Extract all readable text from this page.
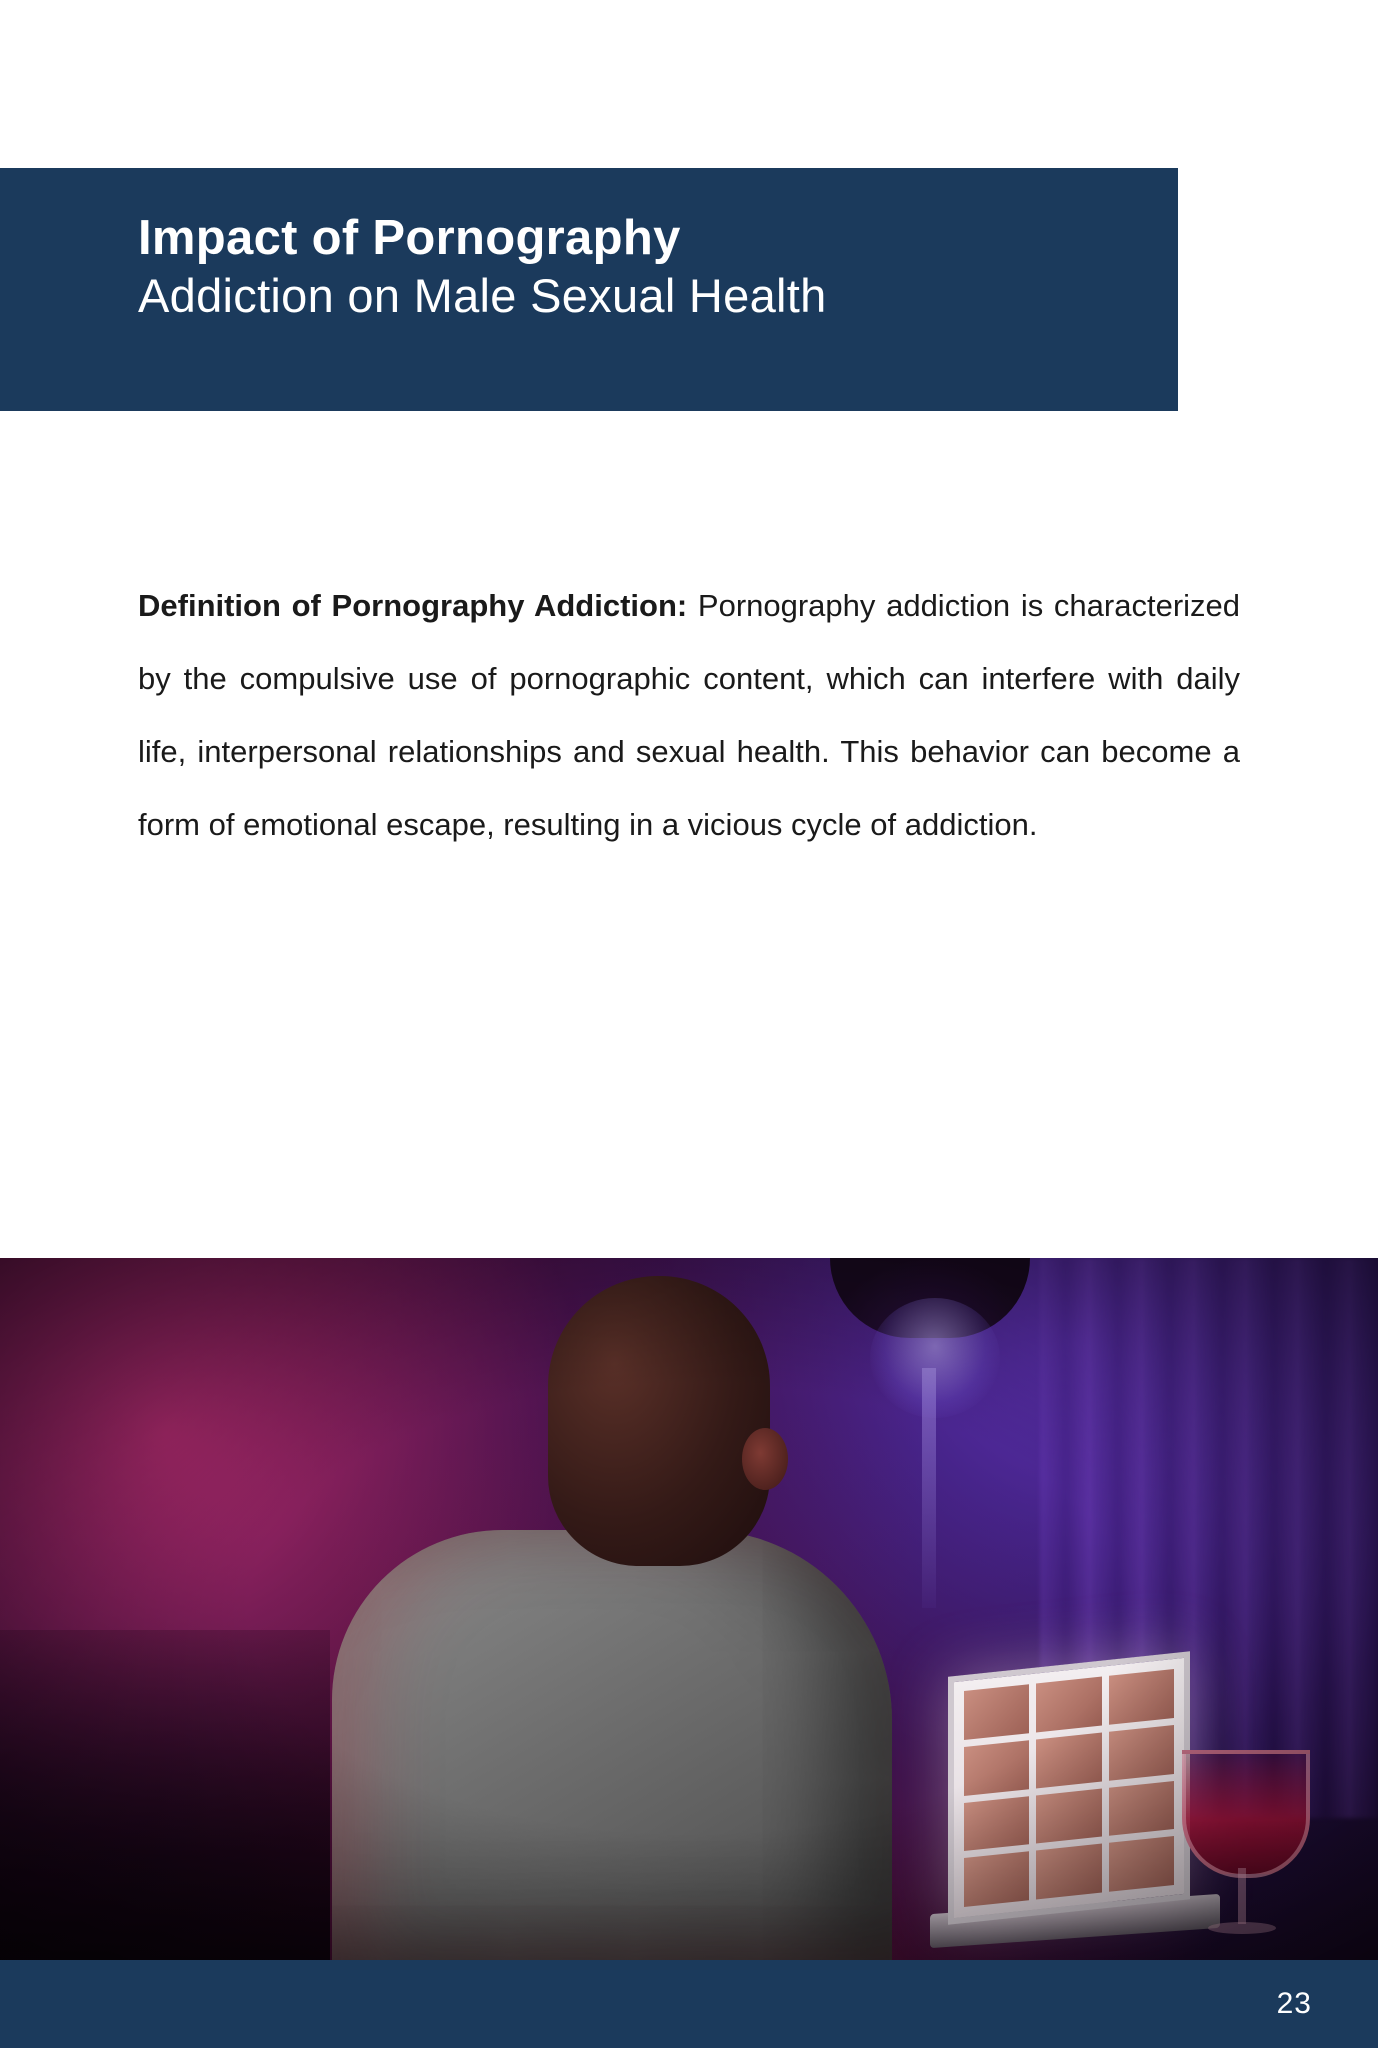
Impact of Pornography
Addiction on Male Sexual Health

Definition of Pornography Addiction: Pornography addiction is characterized by the compulsive use of pornographic content, which can interfere with daily life, interpersonal relationships and sexual health. This behavior can become a form of emotional escape, resulting in a vicious cycle of addiction.

23
